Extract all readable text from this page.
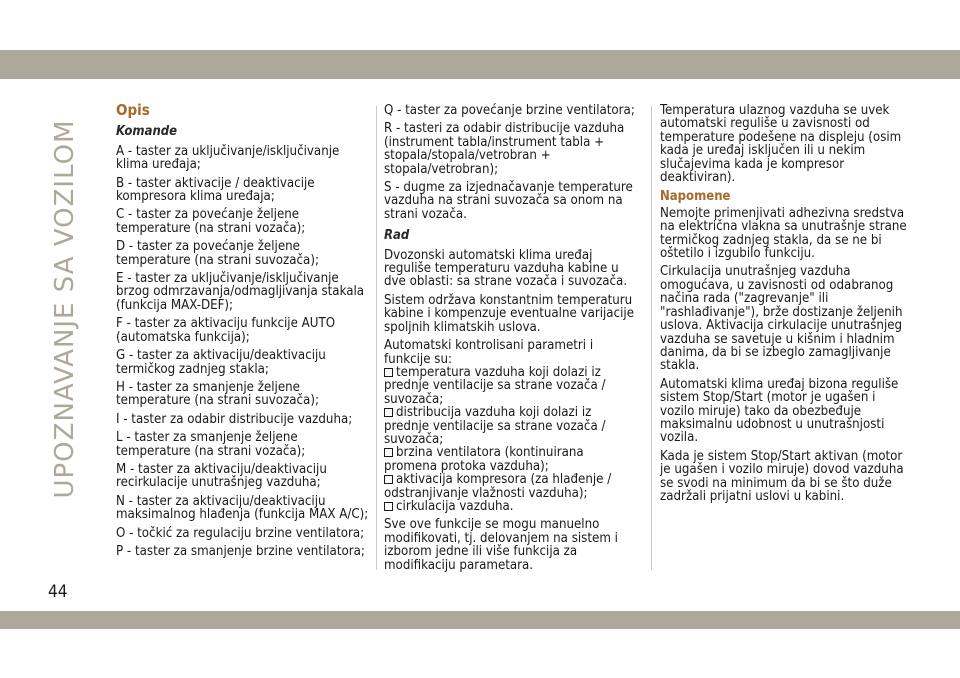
UPOZNAVANJE SA VOZILOM
Opis
Komande

A - taster za uključivanje/isključivanje klima uređaja;

B - taster aktivacije / deaktivacije kompresora klima uređaja;

C - taster za povećanje željene temperature (na strani vozača);

D - taster za povećanje željene temperature (na strani suvozača);

E - taster za uključivanje/isključivanje brzog odmrzavanja/odmagljivanja stakala (funkcija MAX-DEF);

F - taster za aktivaciju funkcije AUTO (automatska funkcija);

G - taster za aktivaciju/deaktivaciju termičkog zadnjeg stakla;

H - taster za smanjenje željene temperature (na strani suvozača);

I - taster za odabir distribucije vazduha;

L - taster za smanjenje željene temperature (na strani vozača);

M - taster za aktivaciju/deaktivaciju recirkulacije unutrašnjeg vazduha;

N - taster za aktivaciju/deaktivaciju maksimalnog hlađenja (funkcija MAX A/C);

O - točkić za regulaciju brzine ventilatora;

P - taster za smanjenje brzine ventilatora;

Q - taster za povećanje brzine ventilatora;

R - tasteri za odabir distribucije vazduha (instrument tabla/instrument tabla + stopala/stopala/vetrobran + stopala/vetrobran);

S - dugme za izjednačavanje temperature vazduha na strani suvozača sa onom na strani vozača.

Rad

Dvozonski automatski klima uređaj reguliše temperaturu vazduha kabine u dve oblasti: sa strane vozača i suvozača.

Sistem održava konstantnim temperaturu kabine i kompenzuje eventualne varijacije spoljnih klimatskih uslova.

Automatski kontrolisani parametri i funkcije su:
temperatura vazduha koji dolazi iz prednje ventilacije sa strane vozača / suvozača;
distribucija vazduha koji dolazi iz prednje ventilacije sa strane vozača / suvozača;
brzina ventilatora (kontinuirana promena protoka vazduha);
aktivacija kompresora (za hlađenje / odstranjivanje vlažnosti vazduha);
cirkulacija vazduha.

Sve ove funkcije se mogu manuelno modifikovati, tj. delovanjem na sistem i izborom jedne ili više funkcija za modifikaciju parametara.

Temperatura ulaznog vazduha se uvek automatski reguliše u zavisnosti od temperature podešene na displeju (osim kada je uređaj isključen ili u nekim slučajevima kada je kompresor deaktiviran).

Napomene

Nemojte primenjivati adhezivna sredstva na električna vlakna sa unutrašnje strane termičkog zadnjeg stakla, da se ne bi oštetilo i izgubilo funkciju.

Cirkulacija unutrašnjeg vazduha omogućava, u zavisnosti od odabranog načina rada ("zagrevanje" ili "rashlađivanje"), brže dostizanje željenih uslova. Aktivacija cirkulacije unutrašnjeg vazduha se savetuje u kišnim i hladnim danima, da bi se izbeglo zamagljivanje stakla.

Automatski klima uređaj bizona reguliše sistem Stop/Start (motor je ugašen i vozilo miruje) tako da obezbeđuje maksimalnu udobnost u unutrašnjosti vozila.

Kada je sistem Stop/Start aktivan (motor je ugašen i vozilo miruje) dovod vazduha se svodi na minimum da bi se što duže zadržali prijatni uslovi u kabini.

44
